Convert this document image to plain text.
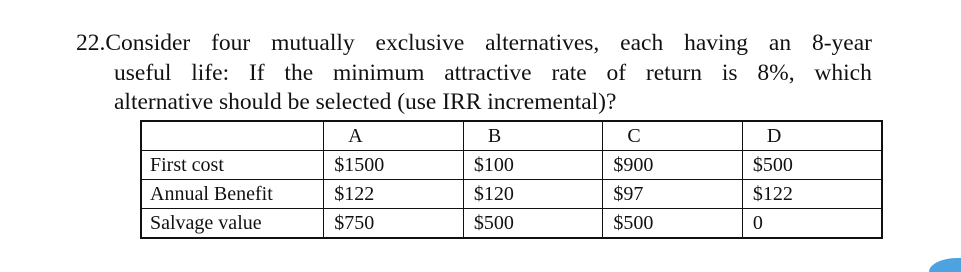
22. Consider four mutually exclusive alternatives, each having an 8-year
useful life: If the minimum attractive rate of return is 8%, which
alternative should be selected (use IRR incremental)?
	A	B	C	D
First cost	$1500	$100	$900	$500
Annual Benefit	$122	$120	$97	$122
Salvage value	$750	$500	$500	0
